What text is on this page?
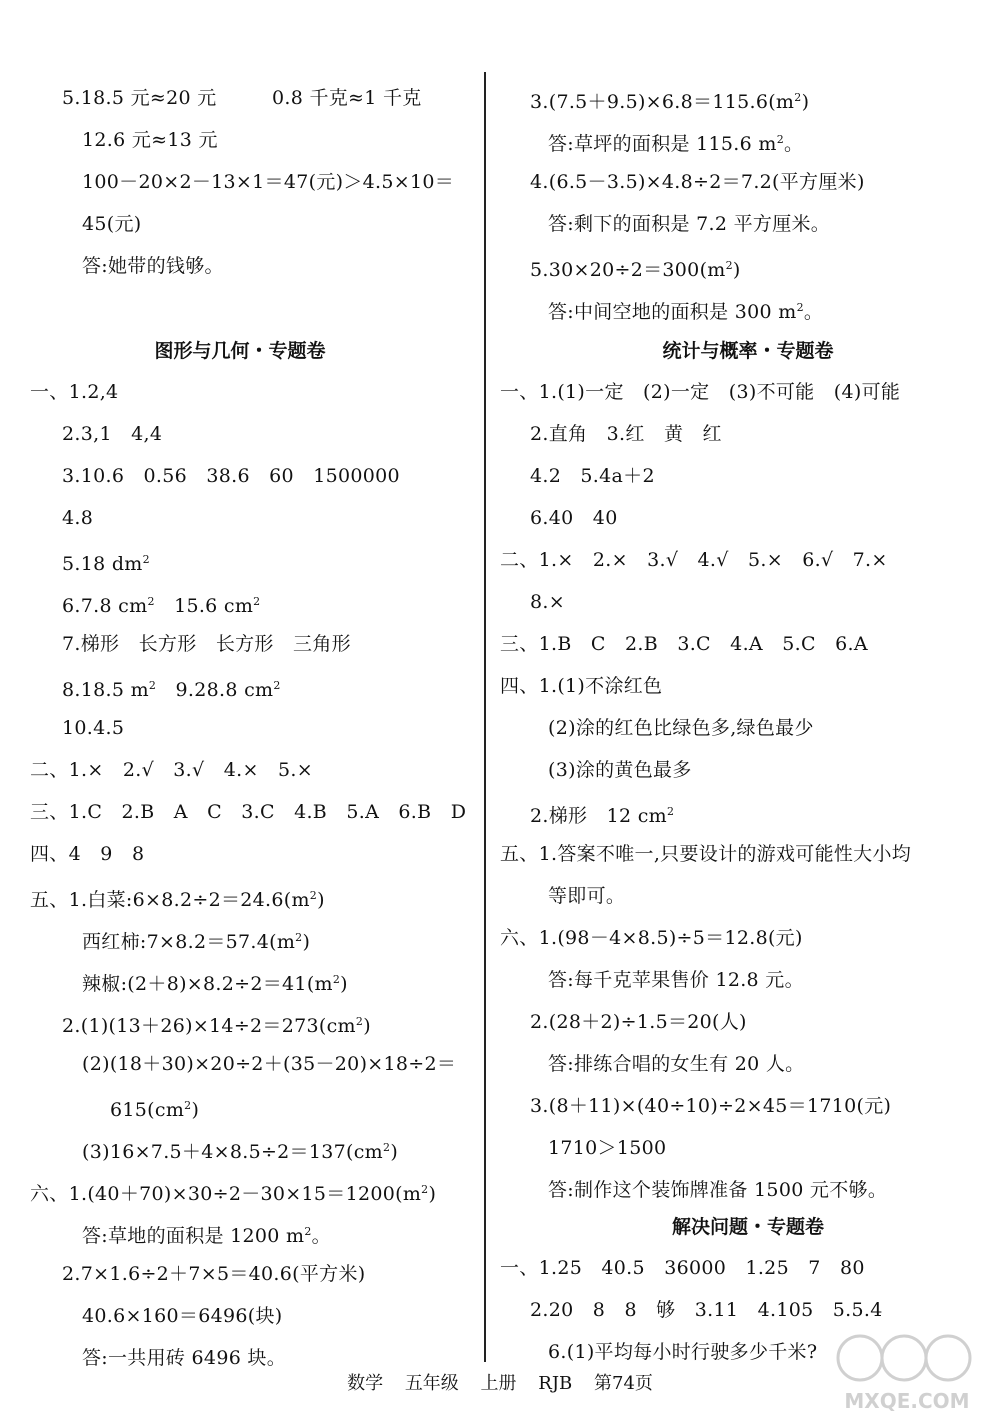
5.18.5 元≈20 元	0.8 千克≈1 千克
12.6 元≈13 元
100－20×2－13×1＝47(元)＞4.5×10＝
45(元)
答:她带的钱够。
图形与几何・专题卷
一、1.2,4
2.3,1　4,4
3.10.6　0.56　38.6　60　1500000
4.8
5.18 $dm^2$
6.7.8 $cm^2$　15.6 $cm^2$
7.梯形　长方形　长方形　三角形
8.18.5 $m^2$　9.28.8 $cm^2$
10.4.5
二、1.×　2.√　3.√　4.×　5.×
三、1.C　2.B　A　C　3.C　4.B　5.A　6.B　D
四、4　9　8
五、1.白菜$:6\times 8.2\div 2=24.6(m^2)$
西红柿$:7\times 8.2=57.4(m^2)$
辣椒$:(2+8)\times 8.2\div 2=41(m^2)$
$2.(1)(13+26)\times 14\div 2=273(cm^2)$
(2)(18＋30)×20÷2＋(35－20)×18÷2＝
$615(cm^2)$
$(3)16\times 7.5+4\times 8.5\div 2=137(cm^2)$
六、$1.(40+70)\times 30\div 2-30\times 15=1200(m^2)$
答:草地的面积是 1200 $m^2$。
2.7×1.6÷2＋7×5＝40.6(平方米)
40.6×160＝6496(块)
答:一共用砖 6496 块。
$3.(7.5+9.5)\times 6.8=115.6(m^2)$
答:草坪的面积是 115.6 $m^2$。
4.(6.5－3.5)×4.8÷2＝7.2(平方厘米)
答:剩下的面积是 7.2 平方厘米。
$5.30\times 20\div 2=300(m^2)$
答:中间空地的面积是 300 $m^2$。
统计与概率・专题卷
一、1.(1)一定　(2)一定　(3)不可能　(4)可能
2.直角　3.红　黄　红
4.2　5.4a＋2
6.40　40
二、1.×　2.×　3.√　4.√　5.×　6.√　7.×
8.×
三、1.B　C　2.B　3.C　4.A　5.C　6.A
四、1.(1)不涂红色
(2)涂的红色比绿色多,绿色最少
(3)涂的黄色最多
2.梯形　12 $cm^2$
五、1.答案不唯一,只要设计的游戏可能性大小均
等即可。
六、1.(98－4×8.5)÷5＝12.8(元)
答:每千克苹果售价 12.8 元。
2.(28＋2)÷1.5＝20(人)
答:排练合唱的女生有 20 人。
3.(8＋11)×(40÷10)÷2×45＝1710(元)
1710＞1500
答:制作这个装饰牌准备 1500 元不够。
解决问题・专题卷
一、1.25　40.5　36000　1.25　7　80
2.20　8　8　够　3.11　4.105　5.5.4
6.(1)平均每小时行驶多少千米?
数学 五年级 上册 RJB 第74页
MXQE.COM
